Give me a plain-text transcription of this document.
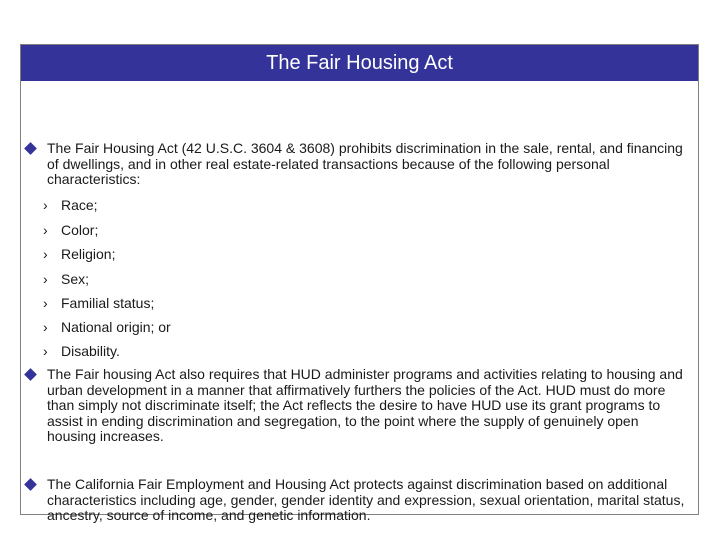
The Fair Housing Act
The Fair Housing Act (42 U.S.C. 3604 & 3608) prohibits discrimination in the sale, rental, and financing of dwellings, and in other real estate-related transactions because of the following personal characteristics:
› Race;
› Color;
› Religion;
› Sex;
› Familial status;
› National origin; or
› Disability.
The Fair housing Act also requires that HUD administer programs and activities relating to housing and urban development in a manner that affirmatively furthers the policies of the Act. HUD must do more than simply not discriminate itself; the Act reflects the desire to have HUD use its grant programs to assist in ending discrimination and segregation, to the point where the supply of genuinely open housing increases.
The California Fair Employment and Housing Act protects against discrimination based on additional characteristics including age, gender, gender identity and expression, sexual orientation, marital status, ancestry, source of income, and genetic information.
